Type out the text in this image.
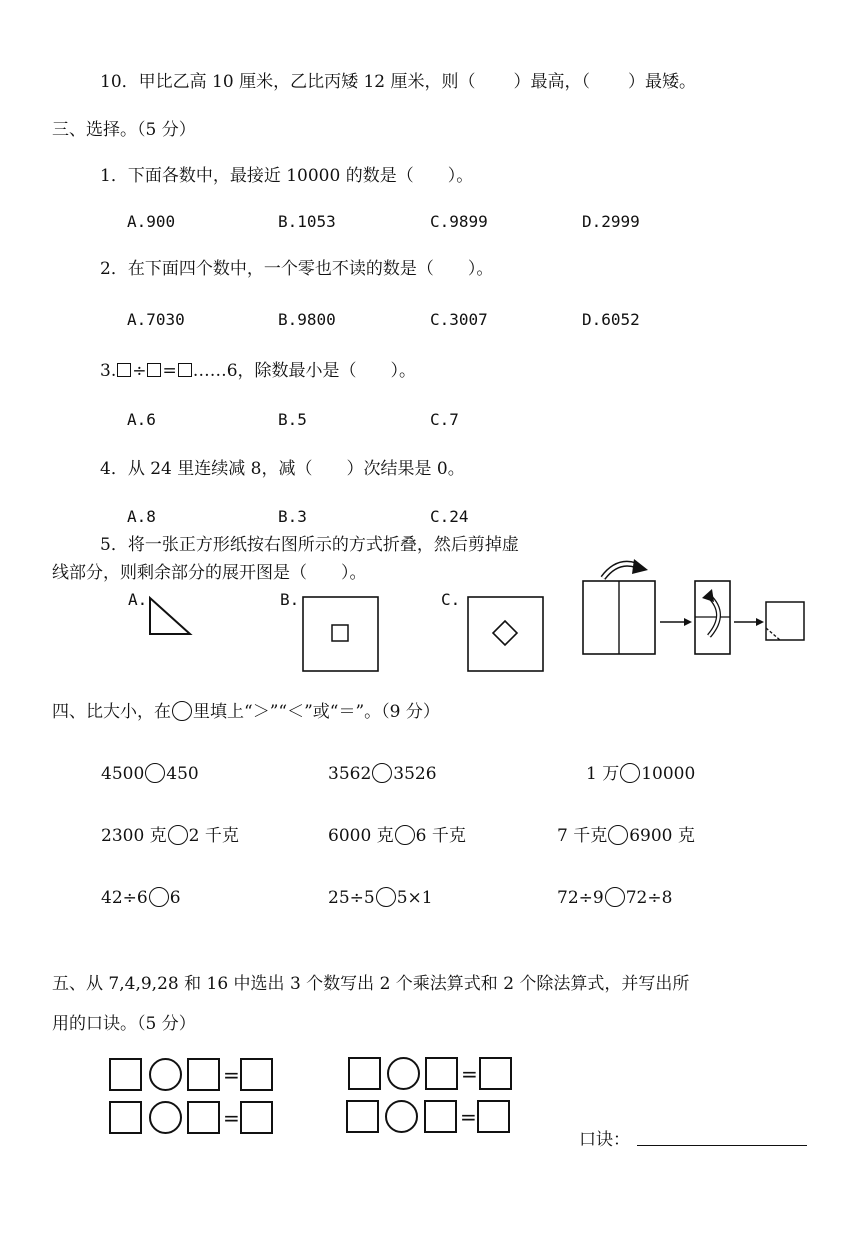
10．甲比乙高 10 厘米，乙比丙矮 12 厘米，则（ ）最高，（ ）最矮。
三、选择。（5 分）
1．下面各数中，最接近 10000 的数是（　　）。
A.900	B.1053	C.9899	D.2999
2．在下面四个数中，一个零也不读的数是（　　）。
A.7030	B.9800	C.3007	D.6052
3. ÷ = ……6，除数最小是（　　）。
A.6	B.5	C.7
4．从 24 里连续减 8，减（　　）次结果是 0。
A.8	B.3	C.24
5．将一张正方形纸按右图所示的方式折叠，然后剪掉虚
线部分，则剩余部分的展开图是（　　）。
A.	B.	C.
四、比大小，在 里填上“＞”“＜”或“＝”。（9 分）
4500 450	3562 3526	1 万 10000
2300 克 2 千克	6000 克 6 千克	7 千克 6900 克
42÷6 6	25÷5 5×1	72÷9 72÷8
五、从 7,4,9,28 和 16 中选出 3 个数写出 2 个乘法算式和 2 个除法算式，并写出所
用的口诀。（5 分）
=
=
=
=
口诀：
